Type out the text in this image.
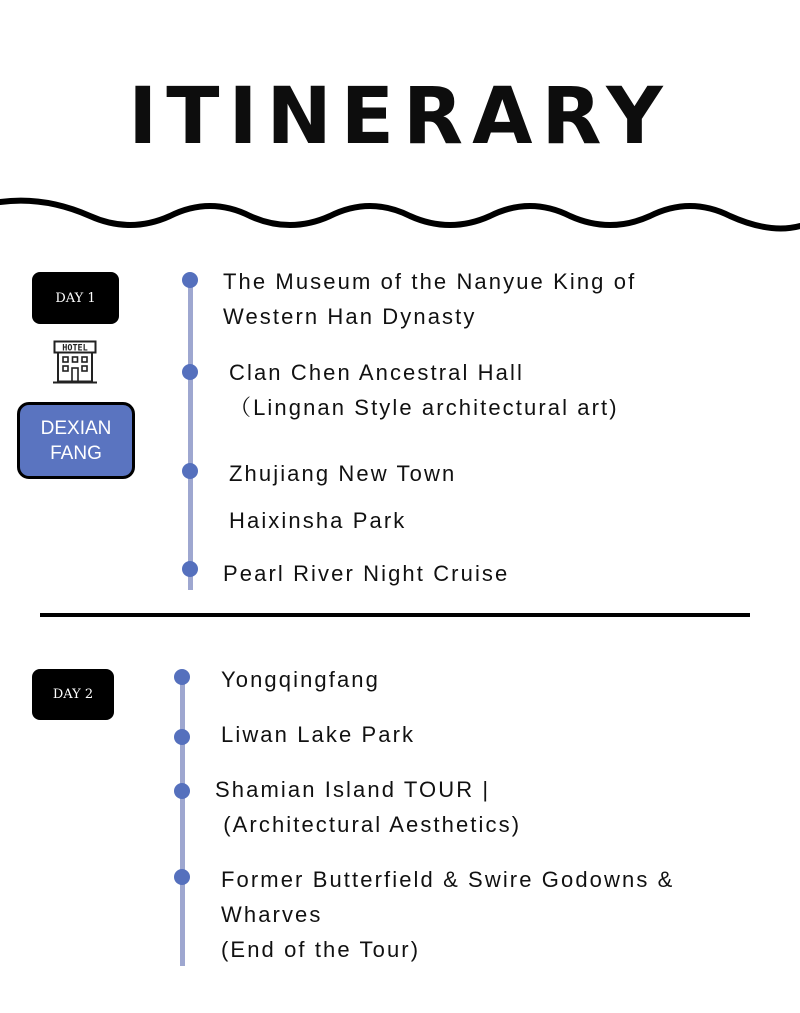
ITINERARY
DAY 1
HOTEL
DEXIAN
FANG
The Museum of the Nanyue King of
Western Han Dynasty
Clan Chen Ancestral Hall
（Lingnan Style architectural art)
Zhujiang New Town
Haixinsha Park
Pearl River Night Cruise
DAY 2
Yongqingfang
Liwan Lake Park
Shamian Island TOUR |
(Architectural Aesthetics)
Former Butterfield & Swire Godowns &
Wharves
(End of the Tour)
